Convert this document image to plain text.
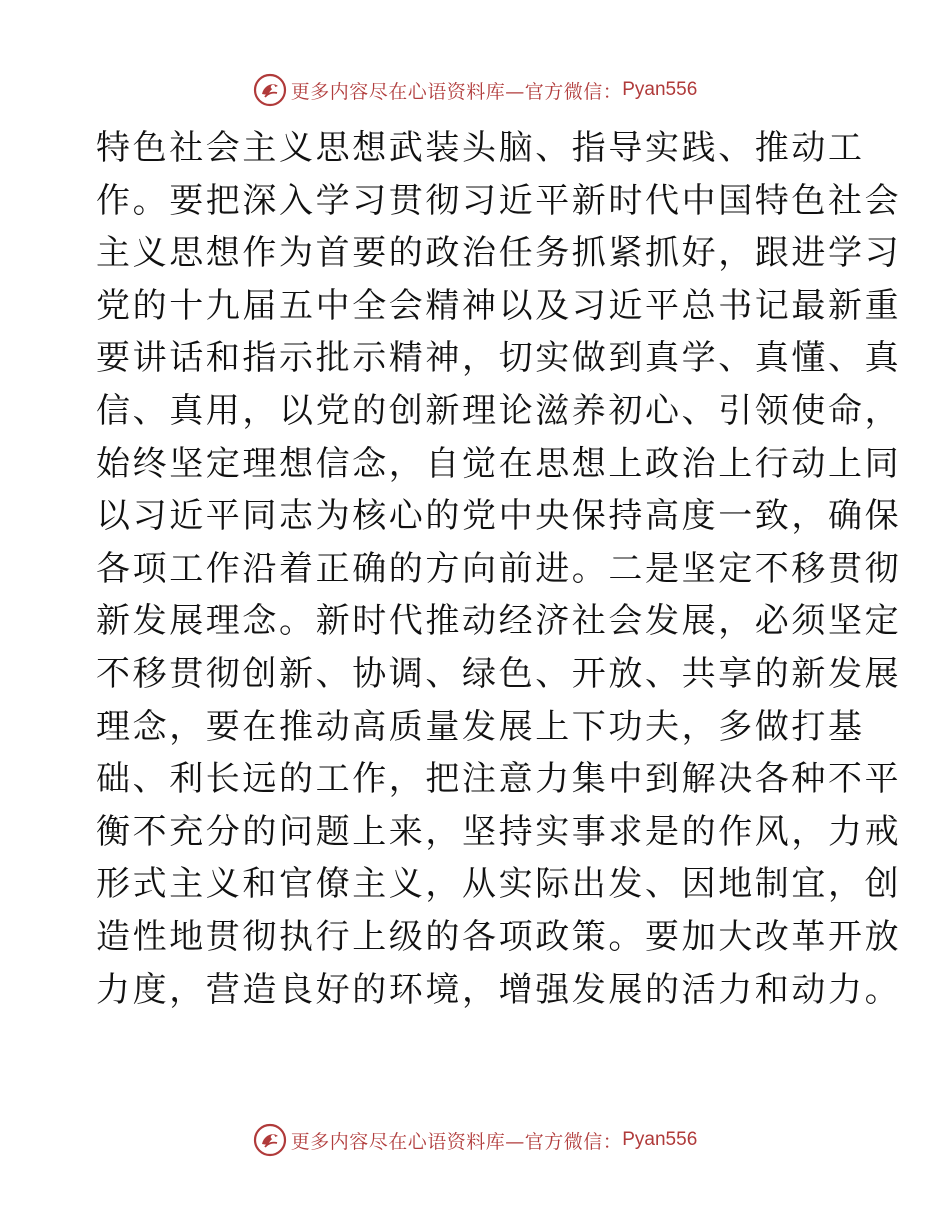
更多内容尽在心语资料库—官方微信： Pyan556
特色社会主义思想武装头脑、指导实践、推动工
作。要把深入学习贯彻习近平新时代中国特色社会
主义思想作为首要的政治任务抓紧抓好，跟进学习
党的十九届五中全会精神以及习近平总书记最新重
要讲话和指示批示精神，切实做到真学、真懂、真
信、真用，以党的创新理论滋养初心、引领使命，
始终坚定理想信念，自觉在思想上政治上行动上同
以习近平同志为核心的党中央保持高度一致，确保
各项工作沿着正确的方向前进。二是坚定不移贯彻
新发展理念。新时代推动经济社会发展，必须坚定
不移贯彻创新、协调、绿色、开放、共享的新发展
理念，要在推动高质量发展上下功夫，多做打基
础、利长远的工作，把注意力集中到解决各种不平
衡不充分的问题上来，坚持实事求是的作风，力戒
形式主义和官僚主义，从实际出发、因地制宜，创
造性地贯彻执行上级的各项政策。要加大改革开放
力度，营造良好的环境，增强发展的活力和动力。
更多内容尽在心语资料库—官方微信： Pyan556
